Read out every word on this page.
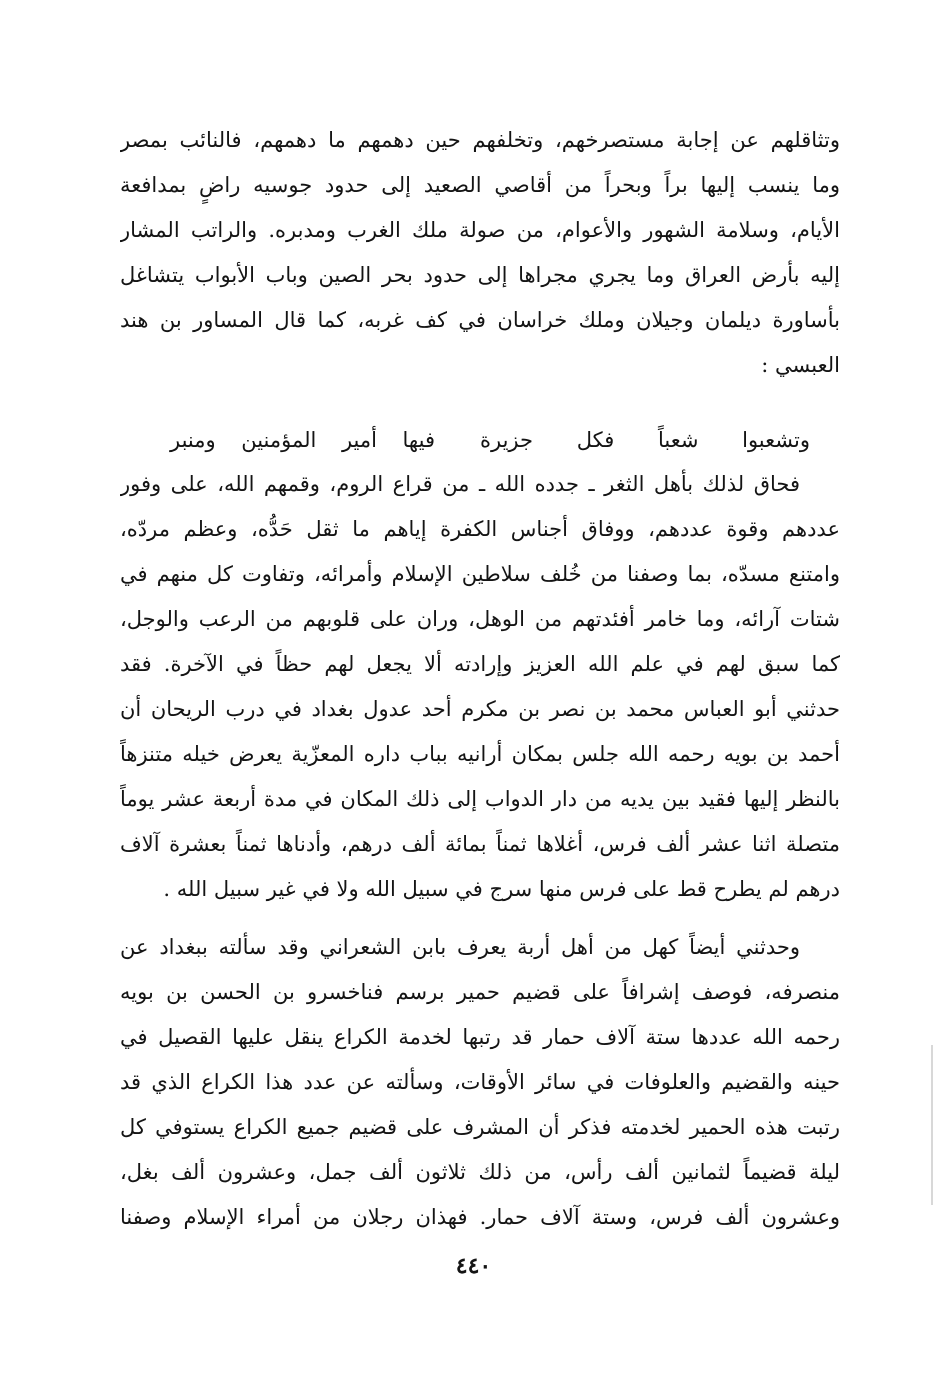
وتثاقلهم عن إجابة مستصرخهم، وتخلفهم حين دهمهم ما دهمهم، فالنائب بمصر
وما ينسب إليها براً وبحراً من أقاصي الصعيد إلى حدود جوسيه راضٍ بمدافعة
الأيام، وسلامة الشهور والأعوام، من صولة ملك الغرب ومدبره. والراتب المشار
إليه بأرض العراق وما يجري مجراها إلى حدود بحر الصين وباب الأبواب يتشاغل
بأساورة ديلمان وجيلان وملك خراسان في كف غربه، كما قال المساور بن هند
العبسي :
وتشعبوا شعباً فكل جزيرة
فيها أمير المؤمنين ومنبر
فحاق لذلك بأهل الثغر ـ جدده الله ـ من قراع الروم، وقمهم الله، على وفور
عددهم وقوة عددهم، ووفاق أجناس الكفرة إياهم ما ثقل حَدُّه، وعظم مردّه،
وامتنع مسدّه، بما وصفنا من خُلف سلاطين الإسلام وأمرائه، وتفاوت كل منهم في
شتات آرائه، وما خامر أفئدتهم من الوهل، وران على قلوبهم من الرعب والوجل،
كما سبق لهم في علم الله العزيز وإرادته ألا يجعل لهم حظاً في الآخرة. فقد
حدثني أبو العباس محمد بن نصر بن مكرم أحد عدول بغداد في درب الريحان أن
أحمد بن بويه رحمه الله جلس بمكان أرانيه بباب داره المعزّية يعرض خيله متنزهاً
بالنظر إليها فقيد بين يديه من دار الدواب إلى ذلك المكان في مدة أربعة عشر يوماً
متصلة اثنا عشر ألف فرس، أغلاها ثمناً بمائة ألف درهم، وأدناها ثمناً بعشرة آلاف
درهم لم يطرح قط على فرس منها سرج في سبيل الله ولا في غير سبيل الله .
وحدثني أيضاً كهل من أهل أربة يعرف بابن الشعراني وقد سألته ببغداد عن
منصرفه، فوصف إشرافاً على قضيم حمير برسم فناخسرو بن الحسن بن بويه
رحمه الله عددها ستة آلاف حمار قد رتبها لخدمة الكراع ينقل عليها القصيل في
حينه والقضيم والعلوفات في سائر الأوقات، وسألته عن عدد هذا الكراع الذي قد
رتبت هذه الحمير لخدمته فذكر أن المشرف على قضيم جميع الكراع يستوفي كل
ليلة قضيماً لثمانين ألف رأس، من ذلك ثلاثون ألف جمل، وعشرون ألف بغل،
وعشرون ألف فرس، وستة آلاف حمار. فهذان رجلان من أمراء الإسلام وصفنا
٤٤٠
